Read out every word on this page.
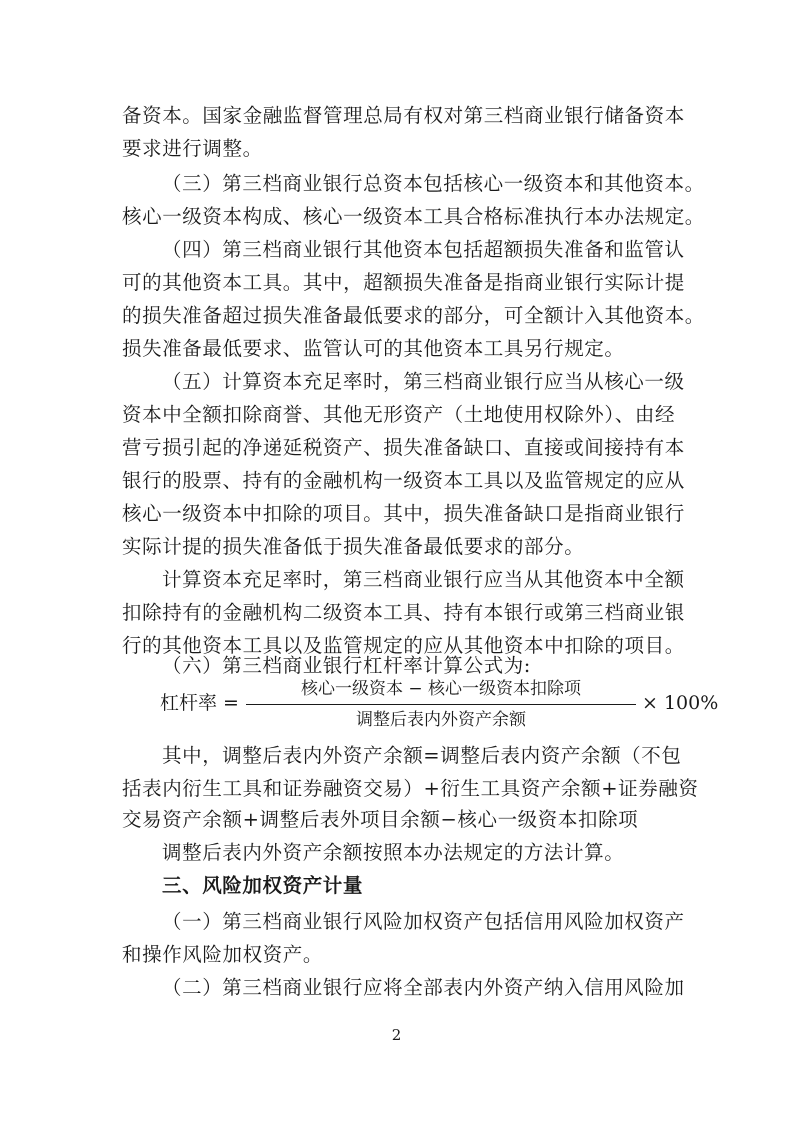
备资本。国家金融监督管理总局有权对第三档商业银行储备资本
要求进行调整。
（三）第三档商业银行总资本包括核心一级资本和其他资本。
核心一级资本构成、核心一级资本工具合格标准执行本办法规定。
（四）第三档商业银行其他资本包括超额损失准备和监管认
可的其他资本工具。其中，超额损失准备是指商业银行实际计提
的损失准备超过损失准备最低要求的部分，可全额计入其他资本。
损失准备最低要求、监管认可的其他资本工具另行规定。
（五）计算资本充足率时，第三档商业银行应当从核心一级
资本中全额扣除商誉、其他无形资产（土地使用权除外）、由经
营亏损引起的净递延税资产、损失准备缺口、直接或间接持有本
银行的股票、持有的金融机构一级资本工具以及监管规定的应从
核心一级资本中扣除的项目。其中，损失准备缺口是指商业银行
实际计提的损失准备低于损失准备最低要求的部分。
计算资本充足率时，第三档商业银行应当从其他资本中全额
扣除持有的金融机构二级资本工具、持有本银行或第三档商业银
行的其他资本工具以及监管规定的应从其他资本中扣除的项目。
（六）第三档商业银行杠杆率计算公式为:
杠杆率 =
核心一级资本 − 核心一级资本扣除项
调整后表内外资产余额
× 100%
其中，调整后表内外资产余额=调整后表内资产余额（不包
括表内衍生工具和证券融资交易）+衍生工具资产余额+证券融资
交易资产余额+调整后表外项目余额−核心一级资本扣除项
调整后表内外资产余额按照本办法规定的方法计算。
三、风险加权资产计量
（一）第三档商业银行风险加权资产包括信用风险加权资产
和操作风险加权资产。
（二）第三档商业银行应将全部表内外资产纳入信用风险加
2
